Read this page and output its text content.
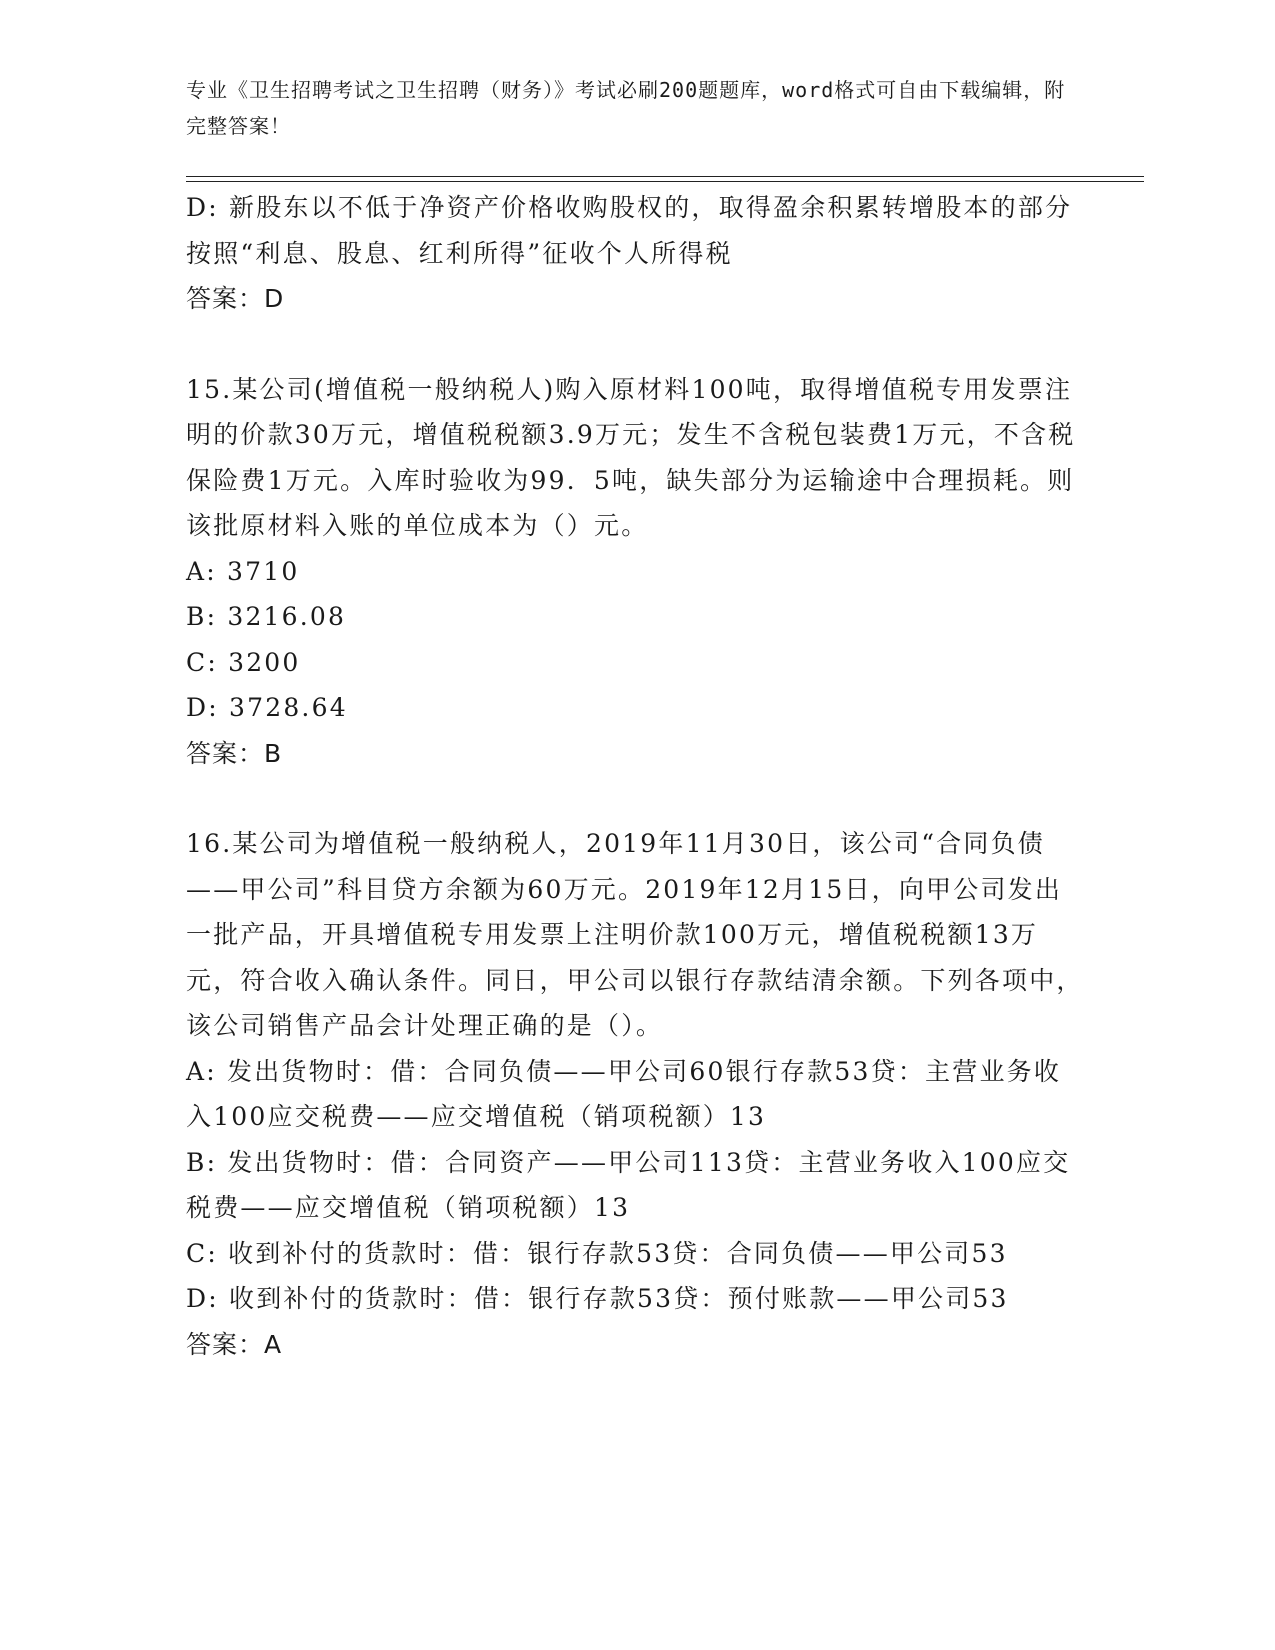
专业《卫生招聘考试之卫生招聘（财务）》考试必刷200题题库，word格式可自由下载编辑，附完整答案！

D: 新股东以不低于净资产价格收购股权的，取得盈余积累转增股本的部分按照“利息、股息、红利所得”征收个人所得税

答案：D

15.某公司(增值税一般纳税人)购入原材料100吨，取得增值税专用发票注明的价款30万元，增值税税额3.9万元；发生不含税包装费1万元，不含税保险费1万元。入库时验收为99．5吨，缺失部分为运输途中合理损耗。则该批原材料入账的单位成本为（）元。

A: 3710

B: 3216.08

C: 3200

D: 3728.64

答案：B

16.某公司为增值税一般纳税人，2019年11月30日，该公司“合同负债——甲公司”科目贷方余额为60万元。2019年12月15日，向甲公司发出一批产品，开具增值税专用发票上注明价款100万元，增值税税额13万元，符合收入确认条件。同日，甲公司以银行存款结清余额。下列各项中，该公司销售产品会计处理正确的是（）。

A: 发出货物时：借：合同负债——甲公司60银行存款53贷：主营业务收入100应交税费——应交增值税（销项税额）13

B: 发出货物时：借：合同资产——甲公司113贷：主营业务收入100应交税费——应交增值税（销项税额）13

C: 收到补付的货款时：借：银行存款53贷：合同负债——甲公司53

D: 收到补付的货款时：借：银行存款53贷：预付账款——甲公司53

答案：A
